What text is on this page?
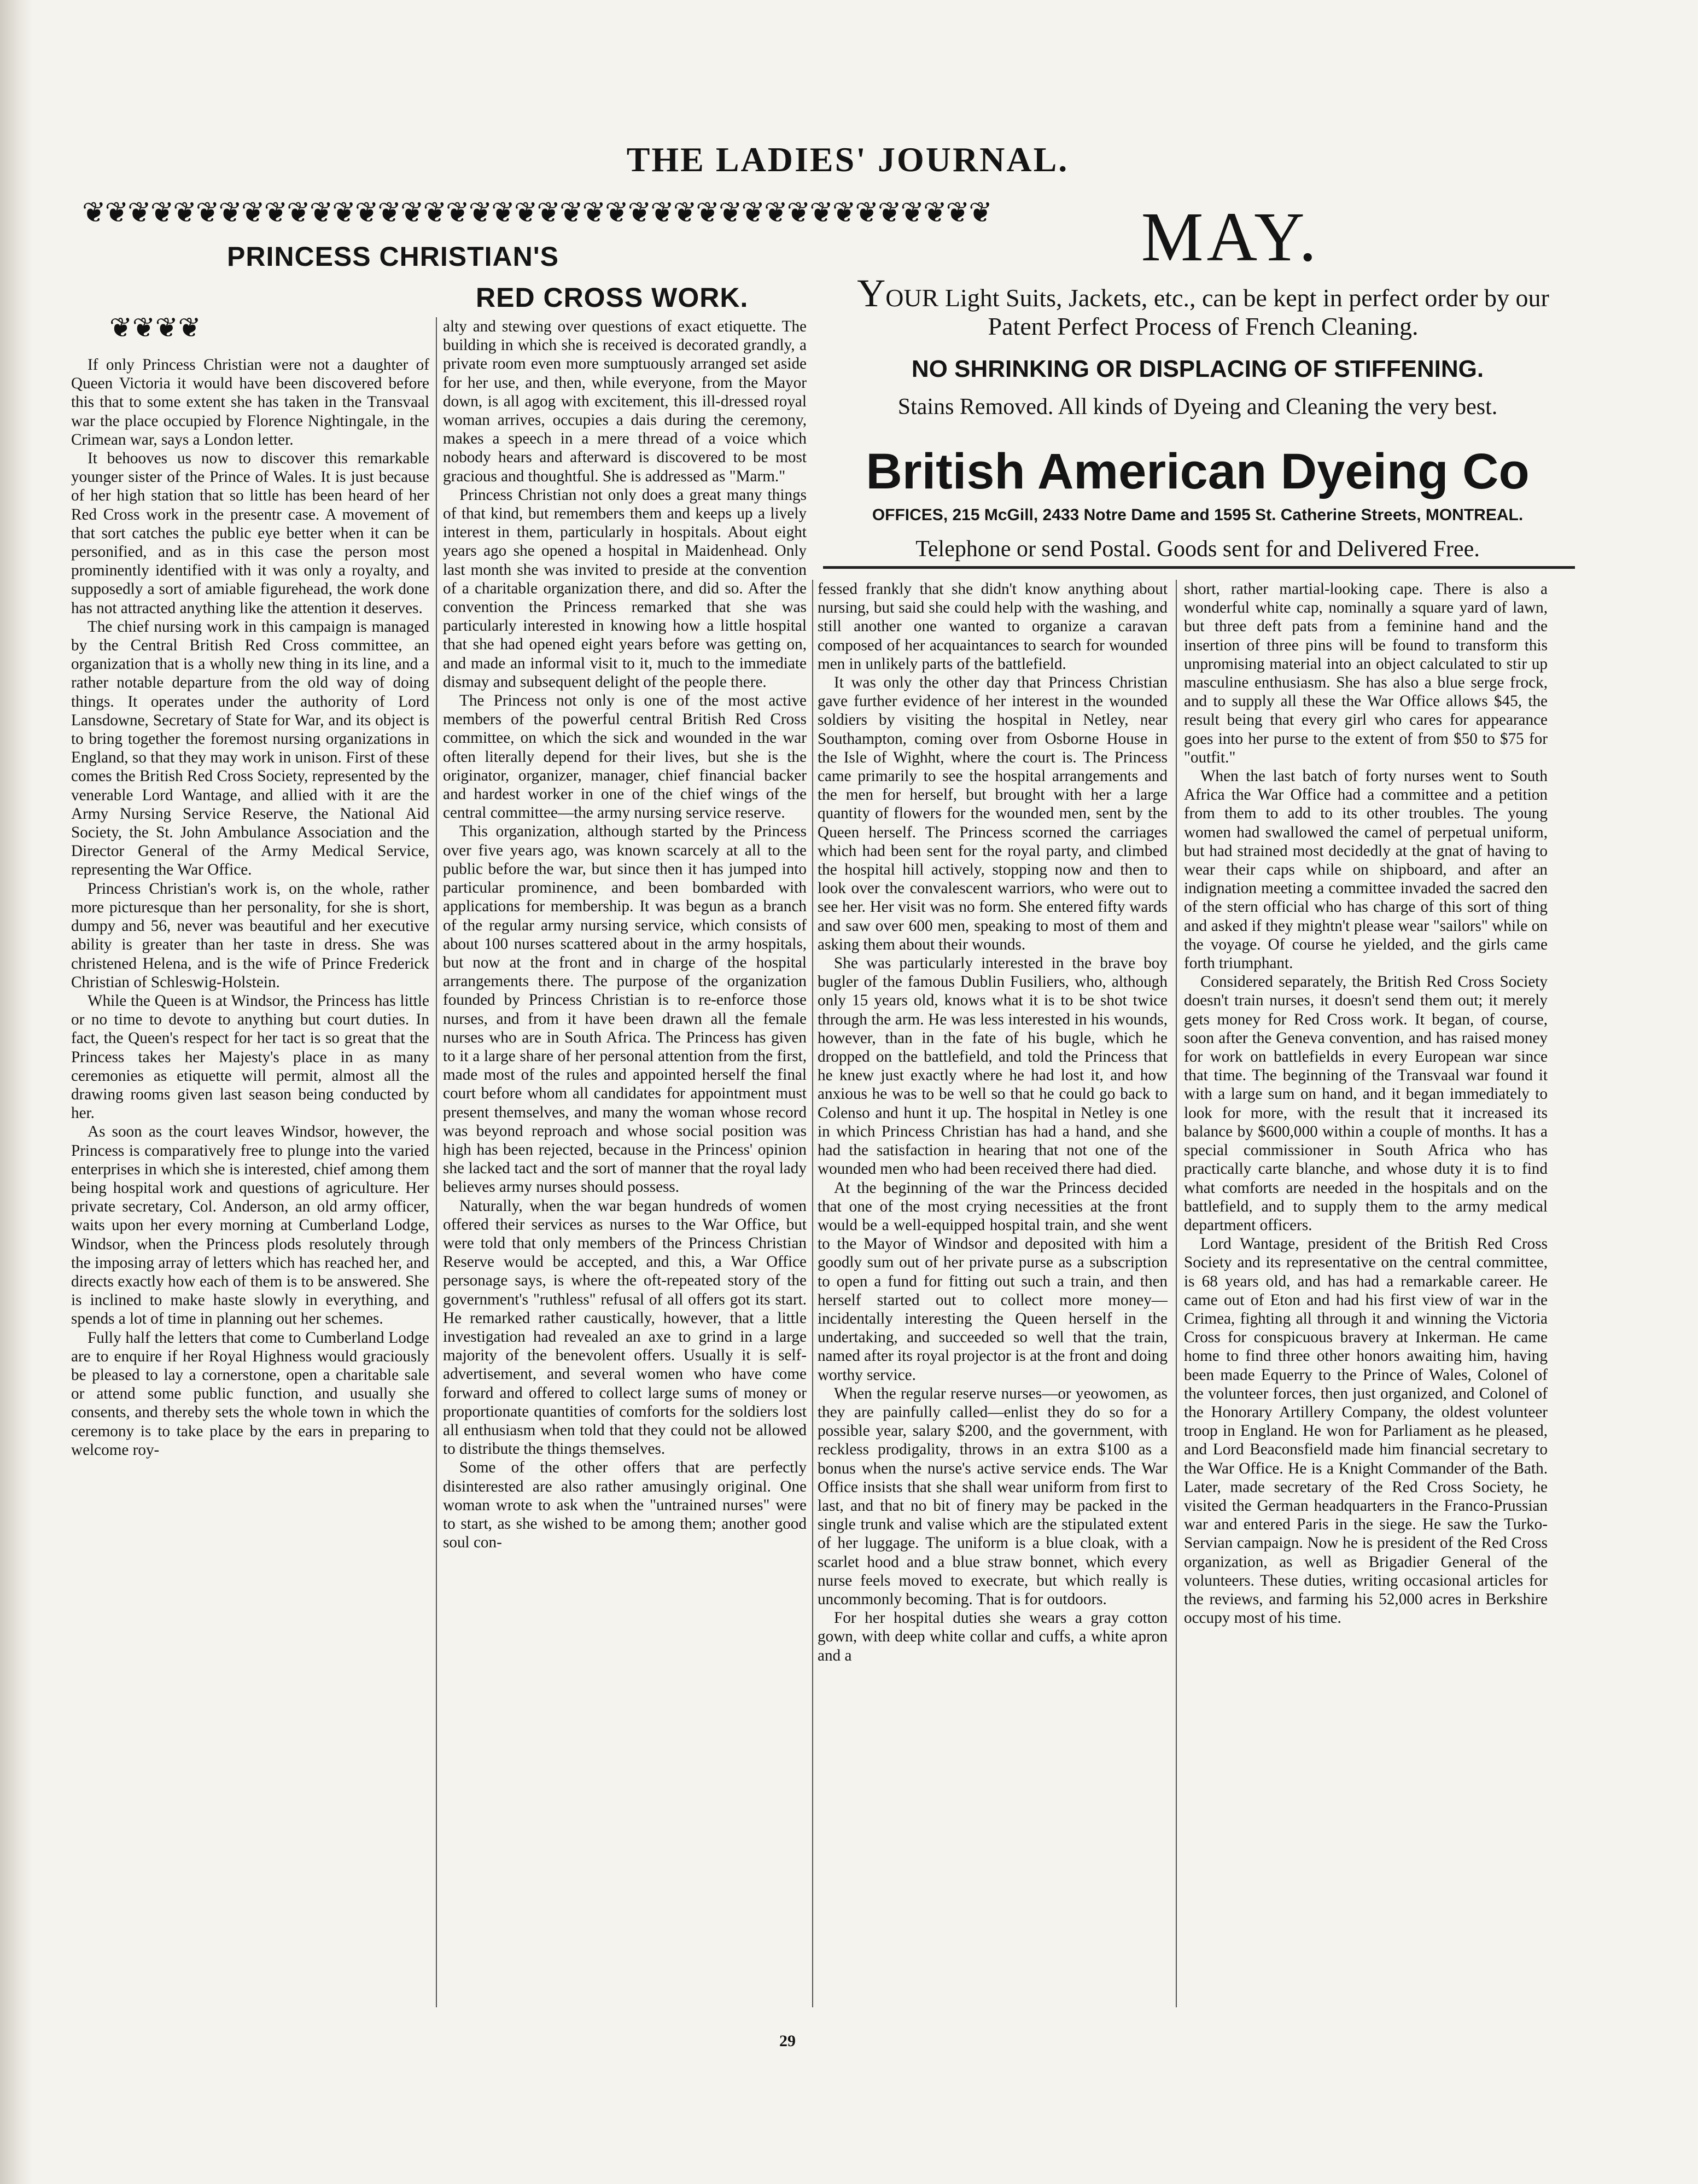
THE LADIES' JOURNAL.
❦❦❦❦❦❦❦❦❦❦❦❦❦❦❦❦❦❦❦❦❦❦❦❦❦❦❦❦❦❦❦❦❦❦❦❦❦❦❦❦
❦❦❦❦
PRINCESS CHRISTIAN'S
RED CROSS WORK.
MAY.
YOUR Light Suits, Jackets, etc., can be kept in perfect order by our Patent Perfect Process of French Cleaning.
NO SHRINKING OR DISPLACING OF STIFFENING.
Stains Removed. All kinds of Dyeing and Cleaning the very best.
British American Dyeing Co
OFFICES, 215 McGill, 2433 Notre Dame and 1595 St. Catherine Streets, MONTREAL.
Telephone or send Postal. Goods sent for and Delivered Free.

If only Princess Christian were not a daughter of Queen Victoria it would have been discovered before this that to some extent she has taken in the Transvaal war the place occupied by Florence Nightingale, in the Crimean war, says a London letter.

It behooves us now to discover this remarkable younger sister of the Prince of Wales. It is just because of her high station that so little has been heard of her Red Cross work in the presentr case. A movement of that sort catches the public eye better when it can be personified, and as in this case the person most prominently identified with it was only a royalty, and supposedly a sort of amiable figurehead, the work done has not attracted anything like the attention it deserves.

The chief nursing work in this campaign is managed by the Central British Red Cross committee, an organization that is a wholly new thing in its line, and a rather notable departure from the old way of doing things. It operates under the authority of Lord Lansdowne, Secretary of State for War, and its object is to bring together the foremost nursing organizations in England, so that they may work in unison. First of these comes the British Red Cross Society, represented by the venerable Lord Wantage, and allied with it are the Army Nursing Service Reserve, the National Aid Society, the St. John Ambulance Association and the Director General of the Army Medical Service, representing the War Office.

Princess Christian's work is, on the whole, rather more picturesque than her personality, for she is short, dumpy and 56, never was beautiful and her executive ability is greater than her taste in dress. She was christened Helena, and is the wife of Prince Frederick Christian of Schleswig-Holstein.

While the Queen is at Windsor, the Princess has little or no time to devote to anything but court duties. In fact, the Queen's respect for her tact is so great that the Princess takes her Majesty's place in as many ceremonies as etiquette will permit, almost all the drawing rooms given last season being conducted by her.

As soon as the court leaves Windsor, however, the Princess is comparatively free to plunge into the varied enterprises in which she is interested, chief among them being hospital work and questions of agriculture. Her private secretary, Col. Anderson, an old army officer, waits upon her every morning at Cumberland Lodge, Windsor, when the Princess plods resolutely through the imposing array of letters which has reached her, and directs exactly how each of them is to be answered. She is inclined to make haste slowly in everything, and spends a lot of time in planning out her schemes.

Fully half the letters that come to Cumberland Lodge are to enquire if her Royal Highness would graciously be pleased to lay a cornerstone, open a charitable sale or attend some public function, and usually she consents, and thereby sets the whole town in which the ceremony is to take place by the ears in preparing to welcome roy-

alty and stewing over questions of exact etiquette. The building in which she is received is decorated grandly, a private room even more sumptuously arranged set aside for her use, and then, while everyone, from the Mayor down, is all agog with excitement, this ill-dressed royal woman arrives, occupies a dais during the ceremony, makes a speech in a mere thread of a voice which nobody hears and afterward is discovered to be most gracious and thoughtful. She is addressed as "Marm."

Princess Christian not only does a great many things of that kind, but remembers them and keeps up a lively interest in them, particularly in hospitals. About eight years ago she opened a hospital in Maidenhead. Only last month she was invited to preside at the convention of a charitable organization there, and did so. After the convention the Princess remarked that she was particularly interested in knowing how a little hospital that she had opened eight years before was getting on, and made an informal visit to it, much to the immediate dismay and subsequent delight of the people there.

The Princess not only is one of the most active members of the powerful central British Red Cross committee, on which the sick and wounded in the war often literally depend for their lives, but she is the originator, organizer, manager, chief financial backer and hardest worker in one of the chief wings of the central committee—the army nursing service reserve.

This organization, although started by the Princess over five years ago, was known scarcely at all to the public before the war, but since then it has jumped into particular prominence, and been bombarded with applications for membership. It was begun as a branch of the regular army nursing service, which consists of about 100 nurses scattered about in the army hospitals, but now at the front and in charge of the hospital arrangements there. The purpose of the organization founded by Princess Christian is to re-enforce those nurses, and from it have been drawn all the female nurses who are in South Africa. The Princess has given to it a large share of her personal attention from the first, made most of the rules and appointed herself the final court before whom all candidates for appointment must present themselves, and many the woman whose record was beyond reproach and whose social position was high has been rejected, because in the Princess' opinion she lacked tact and the sort of manner that the royal lady believes army nurses should possess.

Naturally, when the war began hundreds of women offered their services as nurses to the War Office, but were told that only members of the Princess Christian Reserve would be accepted, and this, a War Office personage says, is where the oft-repeated story of the government's "ruthless" refusal of all offers got its start. He remarked rather caustically, however, that a little investigation had revealed an axe to grind in a large majority of the benevolent offers. Usually it is self-advertisement, and several women who have come forward and offered to collect large sums of money or proportionate quantities of comforts for the soldiers lost all enthusiasm when told that they could not be allowed to distribute the things themselves.

Some of the other offers that are perfectly disinterested are also rather amusingly original. One woman wrote to ask when the "untrained nurses" were to start, as she wished to be among them; another good soul con-

fessed frankly that she didn't know anything about nursing, but said she could help with the washing, and still another one wanted to organize a caravan composed of her acquaintances to search for wounded men in unlikely parts of the battlefield.

It was only the other day that Princess Christian gave further evidence of her interest in the wounded soldiers by visiting the hospital in Netley, near Southampton, coming over from Osborne House in the Isle of Wighht, where the court is. The Princess came primarily to see the hospital arrangements and the men for herself, but brought with her a large quantity of flowers for the wounded men, sent by the Queen herself. The Princess scorned the carriages which had been sent for the royal party, and climbed the hospital hill actively, stopping now and then to look over the convalescent warriors, who were out to see her. Her visit was no form. She entered fifty wards and saw over 600 men, speaking to most of them and asking them about their wounds.

She was particularly interested in the brave boy bugler of the famous Dublin Fusiliers, who, although only 15 years old, knows what it is to be shot twice through the arm. He was less interested in his wounds, however, than in the fate of his bugle, which he dropped on the battlefield, and told the Princess that he knew just exactly where he had lost it, and how anxious he was to be well so that he could go back to Colenso and hunt it up. The hospital in Netley is one in which Princess Christian has had a hand, and she had the satisfaction in hearing that not one of the wounded men who had been received there had died.

At the beginning of the war the Princess decided that one of the most crying necessities at the front would be a well-equipped hospital train, and she went to the Mayor of Windsor and deposited with him a goodly sum out of her private purse as a subscription to open a fund for fitting out such a train, and then herself started out to collect more money—incidentally interesting the Queen herself in the undertaking, and succeeded so well that the train, named after its royal projector is at the front and doing worthy service.

When the regular reserve nurses—or yeowomen, as they are painfully called—enlist they do so for a possible year, salary $200, and the government, with reckless prodigality, throws in an extra $100 as a bonus when the nurse's active service ends. The War Office insists that she shall wear uniform from first to last, and that no bit of finery may be packed in the single trunk and valise which are the stipulated extent of her luggage. The uniform is a blue cloak, with a scarlet hood and a blue straw bonnet, which every nurse feels moved to execrate, but which really is uncommonly becoming. That is for outdoors.

For her hospital duties she wears a gray cotton gown, with deep white collar and cuffs, a white apron and a

short, rather martial-looking cape. There is also a wonderful white cap, nominally a square yard of lawn, but three deft pats from a feminine hand and the insertion of three pins will be found to transform this unpromising material into an object calculated to stir up masculine enthusiasm. She has also a blue serge frock, and to supply all these the War Office allows $45, the result being that every girl who cares for appearance goes into her purse to the extent of from $50 to $75 for "outfit."

When the last batch of forty nurses went to South Africa the War Office had a committee and a petition from them to add to its other troubles. The young women had swallowed the camel of perpetual uniform, but had strained most decidedly at the gnat of having to wear their caps while on shipboard, and after an indignation meeting a committee invaded the sacred den of the stern official who has charge of this sort of thing and asked if they mightn't please wear "sailors" while on the voyage. Of course he yielded, and the girls came forth triumphant.

Considered separately, the British Red Cross Society doesn't train nurses, it doesn't send them out; it merely gets money for Red Cross work. It began, of course, soon after the Geneva convention, and has raised money for work on battlefields in every European war since that time. The beginning of the Transvaal war found it with a large sum on hand, and it began immediately to look for more, with the result that it increased its balance by $600,000 within a couple of months. It has a special commissioner in South Africa who has practically carte blanche, and whose duty it is to find what comforts are needed in the hospitals and on the battlefield, and to supply them to the army medical department officers.

Lord Wantage, president of the British Red Cross Society and its representative on the central committee, is 68 years old, and has had a remarkable career. He came out of Eton and had his first view of war in the Crimea, fighting all through it and winning the Victoria Cross for conspicuous bravery at Inkerman. He came home to find three other honors awaiting him, having been made Equerry to the Prince of Wales, Colonel of the volunteer forces, then just organized, and Colonel of the Honorary Artillery Company, the oldest volunteer troop in England. He won for Parliament as he pleased, and Lord Beaconsfield made him financial secretary to the War Office. He is a Knight Commander of the Bath. Later, made secretary of the Red Cross Society, he visited the German headquarters in the Franco-Prussian war and entered Paris in the siege. He saw the Turko-Servian campaign. Now he is president of the Red Cross organization, as well as Brigadier General of the volunteers. These duties, writing occasional articles for the reviews, and farming his 52,000 acres in Berkshire occupy most of his time.

29
